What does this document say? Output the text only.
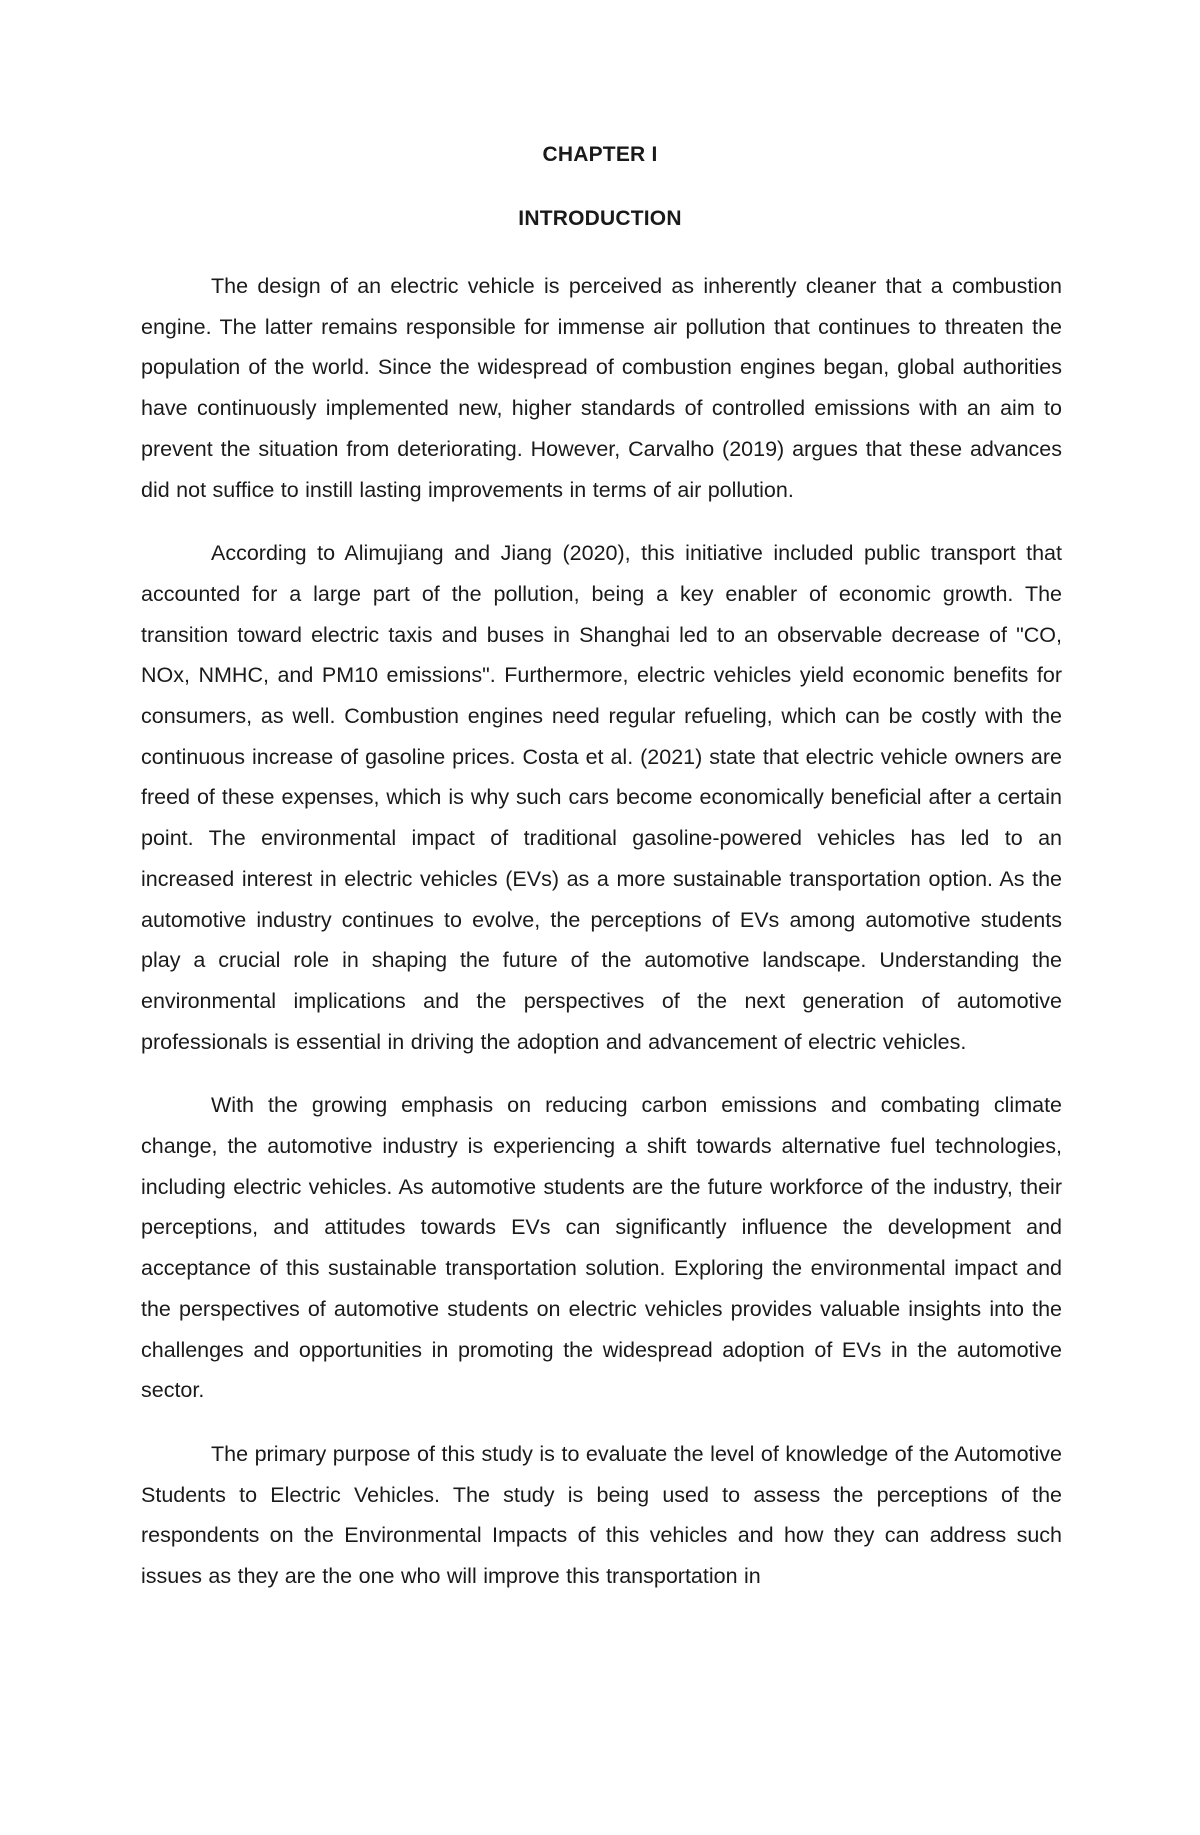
CHAPTER I
INTRODUCTION

The design of an electric vehicle is perceived as inherently cleaner that a combustion engine. The latter remains responsible for immense air pollution that continues to threaten the population of the world. Since the widespread of combustion engines began, global authorities have continuously implemented new, higher standards of controlled emissions with an aim to prevent the situation from deteriorating. However, Carvalho (2019) argues that these advances did not suffice to instill lasting improvements in terms of air pollution.

According to Alimujiang and Jiang (2020), this initiative included public transport that accounted for a large part of the pollution, being a key enabler of economic growth. The transition toward electric taxis and buses in Shanghai led to an observable decrease of "CO, NOx, NMHC, and PM10 emissions". Furthermore, electric vehicles yield economic benefits for consumers, as well. Combustion engines need regular refueling, which can be costly with the continuous increase of gasoline prices. Costa et al. (2021) state that electric vehicle owners are freed of these expenses, which is why such cars become economically beneficial after a certain point. The environmental impact of traditional gasoline-powered vehicles has led to an increased interest in electric vehicles (EVs) as a more sustainable transportation option. As the automotive industry continues to evolve, the perceptions of EVs among automotive students play a crucial role in shaping the future of the automotive landscape. Understanding the environmental implications and the perspectives of the next generation of automotive professionals is essential in driving the adoption and advancement of electric vehicles.

With the growing emphasis on reducing carbon emissions and combating climate change, the automotive industry is experiencing a shift towards alternative fuel technologies, including electric vehicles. As automotive students are the future workforce of the industry, their perceptions, and attitudes towards EVs can significantly influence the development and acceptance of this sustainable transportation solution. Exploring the environmental impact and the perspectives of automotive students on electric vehicles provides valuable insights into the challenges and opportunities in promoting the widespread adoption of EVs in the automotive sector.

The primary purpose of this study is to evaluate the level of knowledge of the Automotive Students to Electric Vehicles. The study is being used to assess the perceptions of the respondents on the Environmental Impacts of this vehicles and how they can address such issues as they are the one who will improve this transportation in
